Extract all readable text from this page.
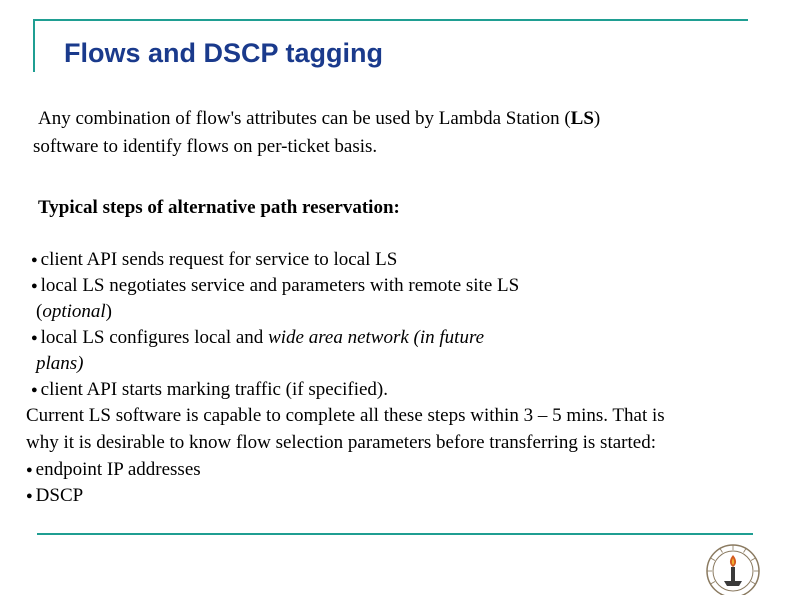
Flows and DSCP tagging
Any combination of flow's attributes can be used by Lambda Station (LS)
software to identify flows on per-ticket basis.
Typical steps of alternative path reservation:
● client API sends request for service to local LS
● local LS negotiates service and parameters with remote site LS
(optional)
● local LS configures local and wide area network (in future
plans)
● client API starts marking traffic (if specified).
Current LS software is capable to complete all these steps within 3 – 5 mins. That is
why it is desirable to know flow selection parameters before transferring is started:
● endpoint IP addresses
● DSCP
